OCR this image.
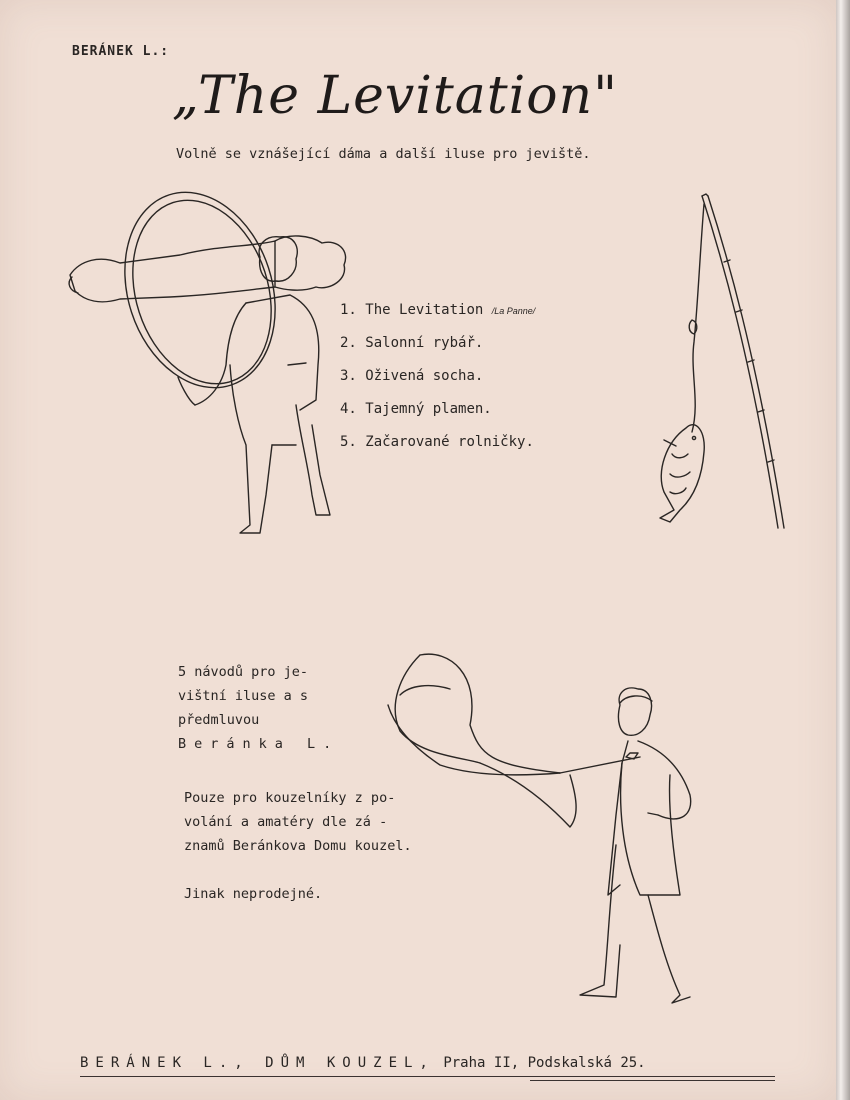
BERÁNEK L.:
„The Levitation"
Volně se vznášející dáma a další iluse pro jeviště.
1. The Levitation /La Panne/
2. Salonní rybář.
3. Oživená socha.
4. Tajemný plamen.
5. Začarované rolničky.
5 návodů pro je-
vištní iluse a s
předmluvou
Beránka L.
Pouze pro kouzelníky z po-
volání a amatéry dle zá -
znamů Beránkova Domu kouzel.
Jinak neprodejné.
BERÁNEK L., DŮM KOUZEL, Praha II, Podskalská 25.
